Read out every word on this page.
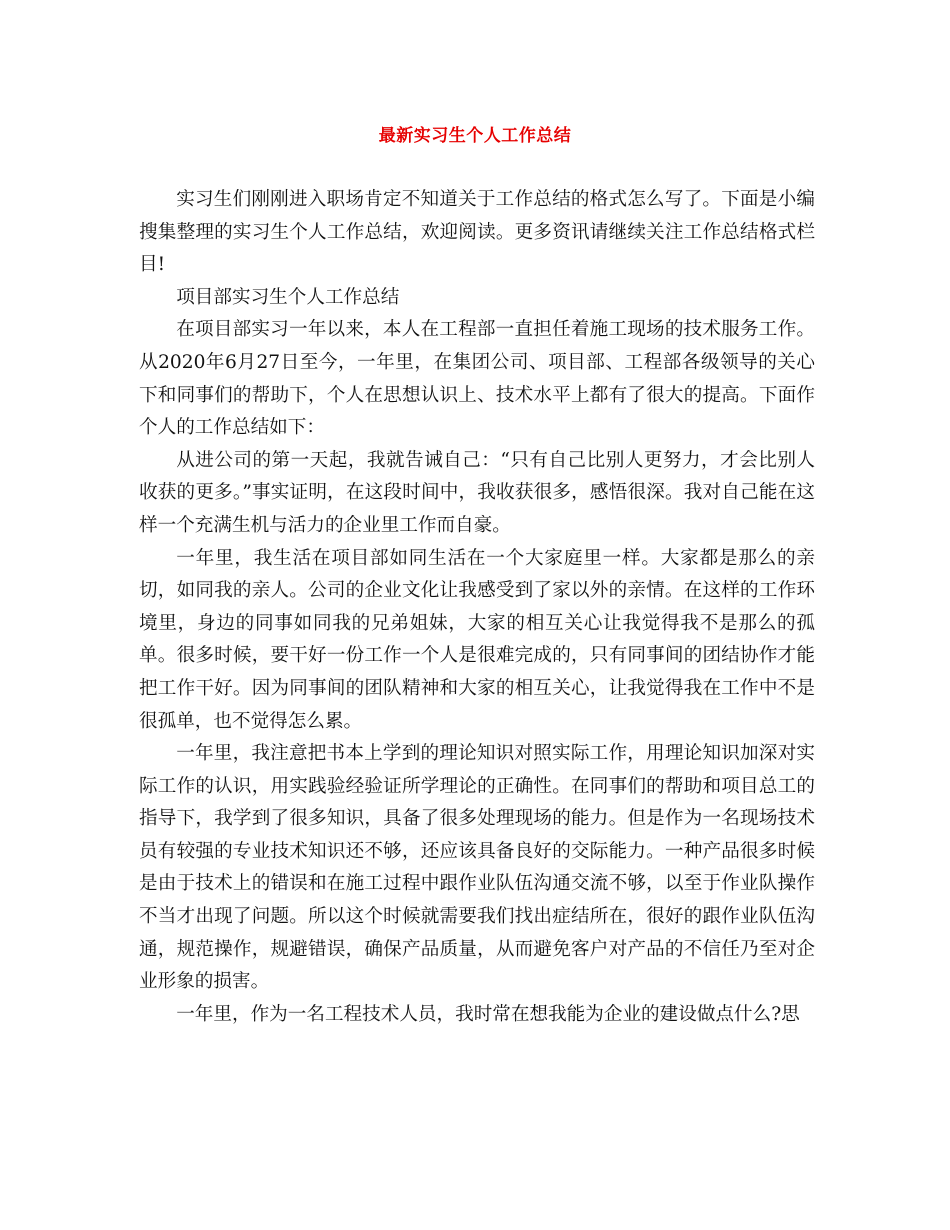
最新实习生个人工作总结

实习生们刚刚进入职场肯定不知道关于工作总结的格式怎么写了。下面是小编搜集整理的实习生个人工作总结，欢迎阅读。更多资讯请继续关注工作总结格式栏目!

项目部实习生个人工作总结

在项目部实习一年以来，本人在工程部一直担任着施工现场的技术服务工作。从2020年6月27日至今，一年里，在集团公司、项目部、工程部各级领导的关心下和同事们的帮助下，个人在思想认识上、技术水平上都有了很大的提高。下面作个人的工作总结如下：

从进公司的第一天起，我就告诫自己：“只有自己比别人更努力，才会比别人收获的更多。”事实证明，在这段时间中，我收获很多，感悟很深。我对自己能在这样一个充满生机与活力的企业里工作而自豪。

一年里，我生活在项目部如同生活在一个大家庭里一样。大家都是那么的亲切，如同我的亲人。公司的企业文化让我感受到了家以外的亲情。在这样的工作环境里，身边的同事如同我的兄弟姐妹，大家的相互关心让我觉得我不是那么的孤单。很多时候，要干好一份工作一个人是很难完成的，只有同事间的团结协作才能把工作干好。因为同事间的团队精神和大家的相互关心，让我觉得我在工作中不是很孤单，也不觉得怎么累。

一年里，我注意把书本上学到的理论知识对照实际工作，用理论知识加深对实际工作的认识，用实践验经验证所学理论的正确性。在同事们的帮助和项目总工的指导下，我学到了很多知识，具备了很多处理现场的能力。但是作为一名现场技术员有较强的专业技术知识还不够，还应该具备良好的交际能力。一种产品很多时候是由于技术上的错误和在施工过程中跟作业队伍沟通交流不够，以至于作业队操作不当才出现了问题。所以这个时候就需要我们找出症结所在，很好的跟作业队伍沟通，规范操作，规避错误，确保产品质量，从而避免客户对产品的不信任乃至对企业形象的损害。

一年里，作为一名工程技术人员，我时常在想我能为企业的建设做点什么?思
